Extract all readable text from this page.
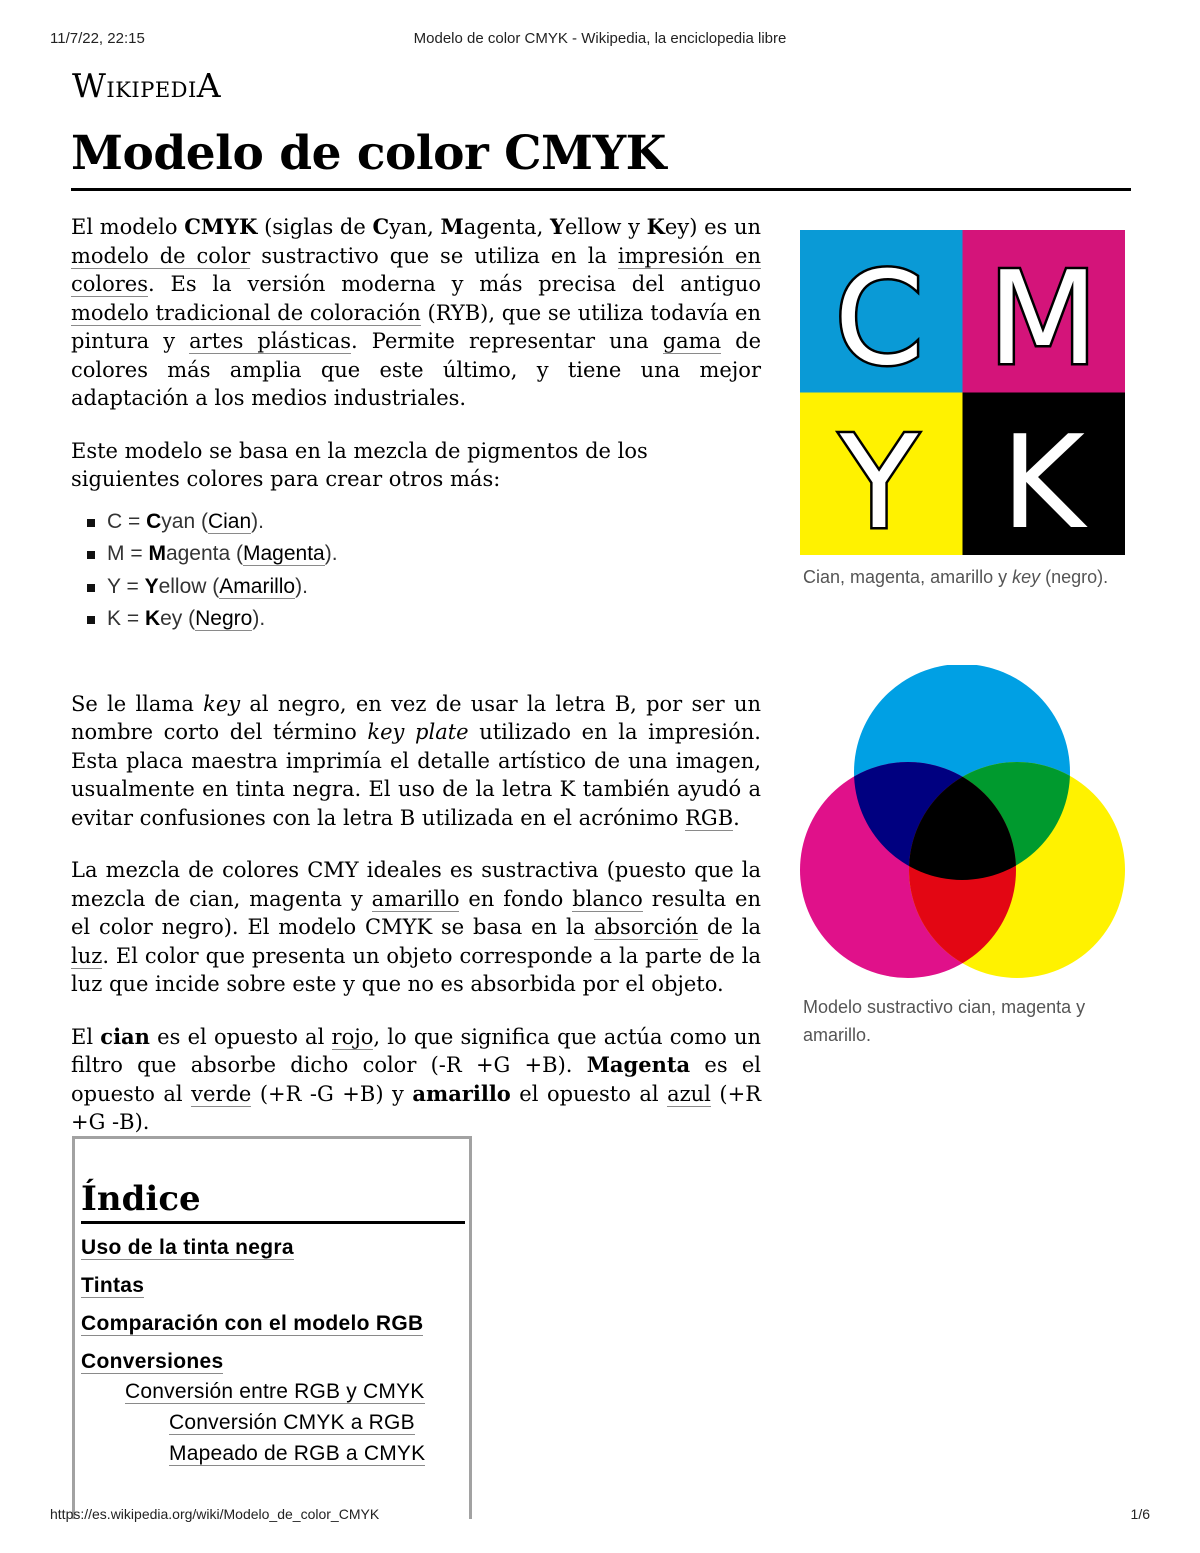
11/7/22, 22:15	Modelo de color CMYK - Wikipedia, la enciclopedia libre
WikipediA
Modelo de color CMYK

El modelo CMYK (siglas de Cyan, Magenta, Yellow y Key) es un modelo de color sustractivo que se utiliza en la impresión en colores. Es la versión moderna y más precisa del antiguo modelo tradicional de coloración (RYB), que se utiliza todavía en pintura y artes plásticas. Permite representar una gama de colores más amplia que este último, y tiene una mejor adaptación a los medios industriales.

Este modelo se basa en la mezcla de pigmentos de los siguientes colores para crear otros más:

C = Cyan (Cian).
M = Magenta (Magenta).
Y = Yellow (Amarillo).
K = Key (Negro).

Se le llama key al negro, en vez de usar la letra B, por ser un nombre corto del término key plate utilizado en la impresión. Esta placa maestra imprimía el detalle artístico de una imagen, usualmente en tinta negra. El uso de la letra K también ayudó a evitar confusiones con la letra B utilizada en el acrónimo RGB.

La mezcla de colores CMY ideales es sustractiva (puesto que la mezcla de cian, magenta y amarillo en fondo blanco resulta en el color negro). El modelo CMYK se basa en la absorción de la luz. El color que presenta un objeto corresponde a la parte de la luz que incide sobre este y que no es absorbida por el objeto.

El cian es el opuesto al rojo, lo que significa que actúa como un filtro que absorbe dicho color (-R +G +B). Magenta es el opuesto al verde (+R -G +B) y amarillo el opuesto al azul (+R +G -B).

C M
Y K
Cian, magenta, amarillo y key (negro).
Modelo sustractivo cian, magenta y amarillo.
Índice
Uso de la tinta negra
Tintas
Comparación con el modelo RGB
Conversiones
Conversión entre RGB y CMYK
Conversión CMYK a RGB
Mapeado de RGB a CMYK
https://es.wikipedia.org/wiki/Modelo_de_color_CMYK	1/6
